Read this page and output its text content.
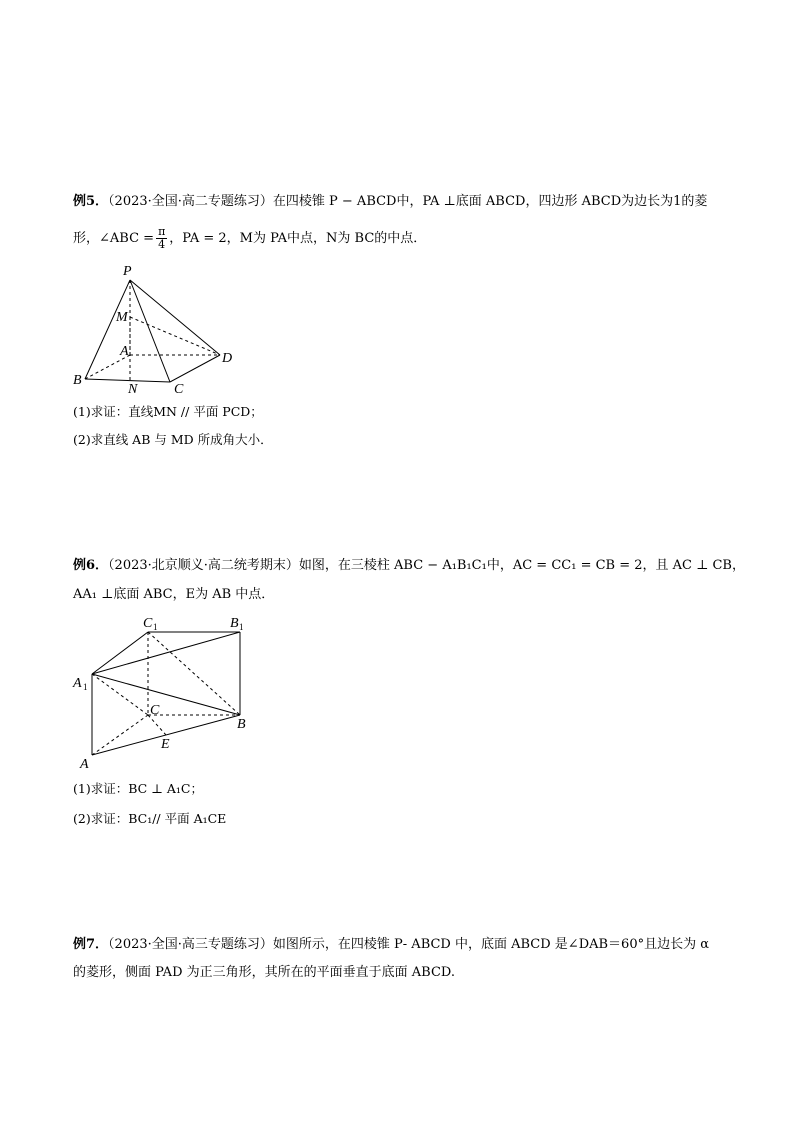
例5．（2023·全国·高二专题练习）在四棱锥 P − ABCD中，PA ⊥底面 ABCD，四边形 ABCD为边长为1的菱
形，∠ABC = $\frac{\pi}{4}$ ，PA = 2，M为 PA中点，N为 BC的中点．
P
M
A	D
B
N	C
(1)求证：直线MN // 平面 PCD；
(2)求直线 AB 与 MD 所成角大小．
例6．（2023·北京顺义·高二统考期末）如图，在三棱柱 ABC − A₁B₁C₁中，AC = CC₁ = CB = 2，且 AC ⊥ CB，
AA₁ ⊥底面 ABC，E为 AB 中点．
C 1	B 1
A 1
C
B
E
A
(1)求证：BC ⊥ A₁C；
(2)求证：BC₁// 平面 A₁CE
例7．（2023·全国·高三专题练习）如图所示，在四棱锥 P‑ ABCD 中，底面 ABCD 是∠DAB＝60°且边长为 α
的菱形，侧面 PAD 为正三角形，其所在的平面垂直于底面 ABCD.
